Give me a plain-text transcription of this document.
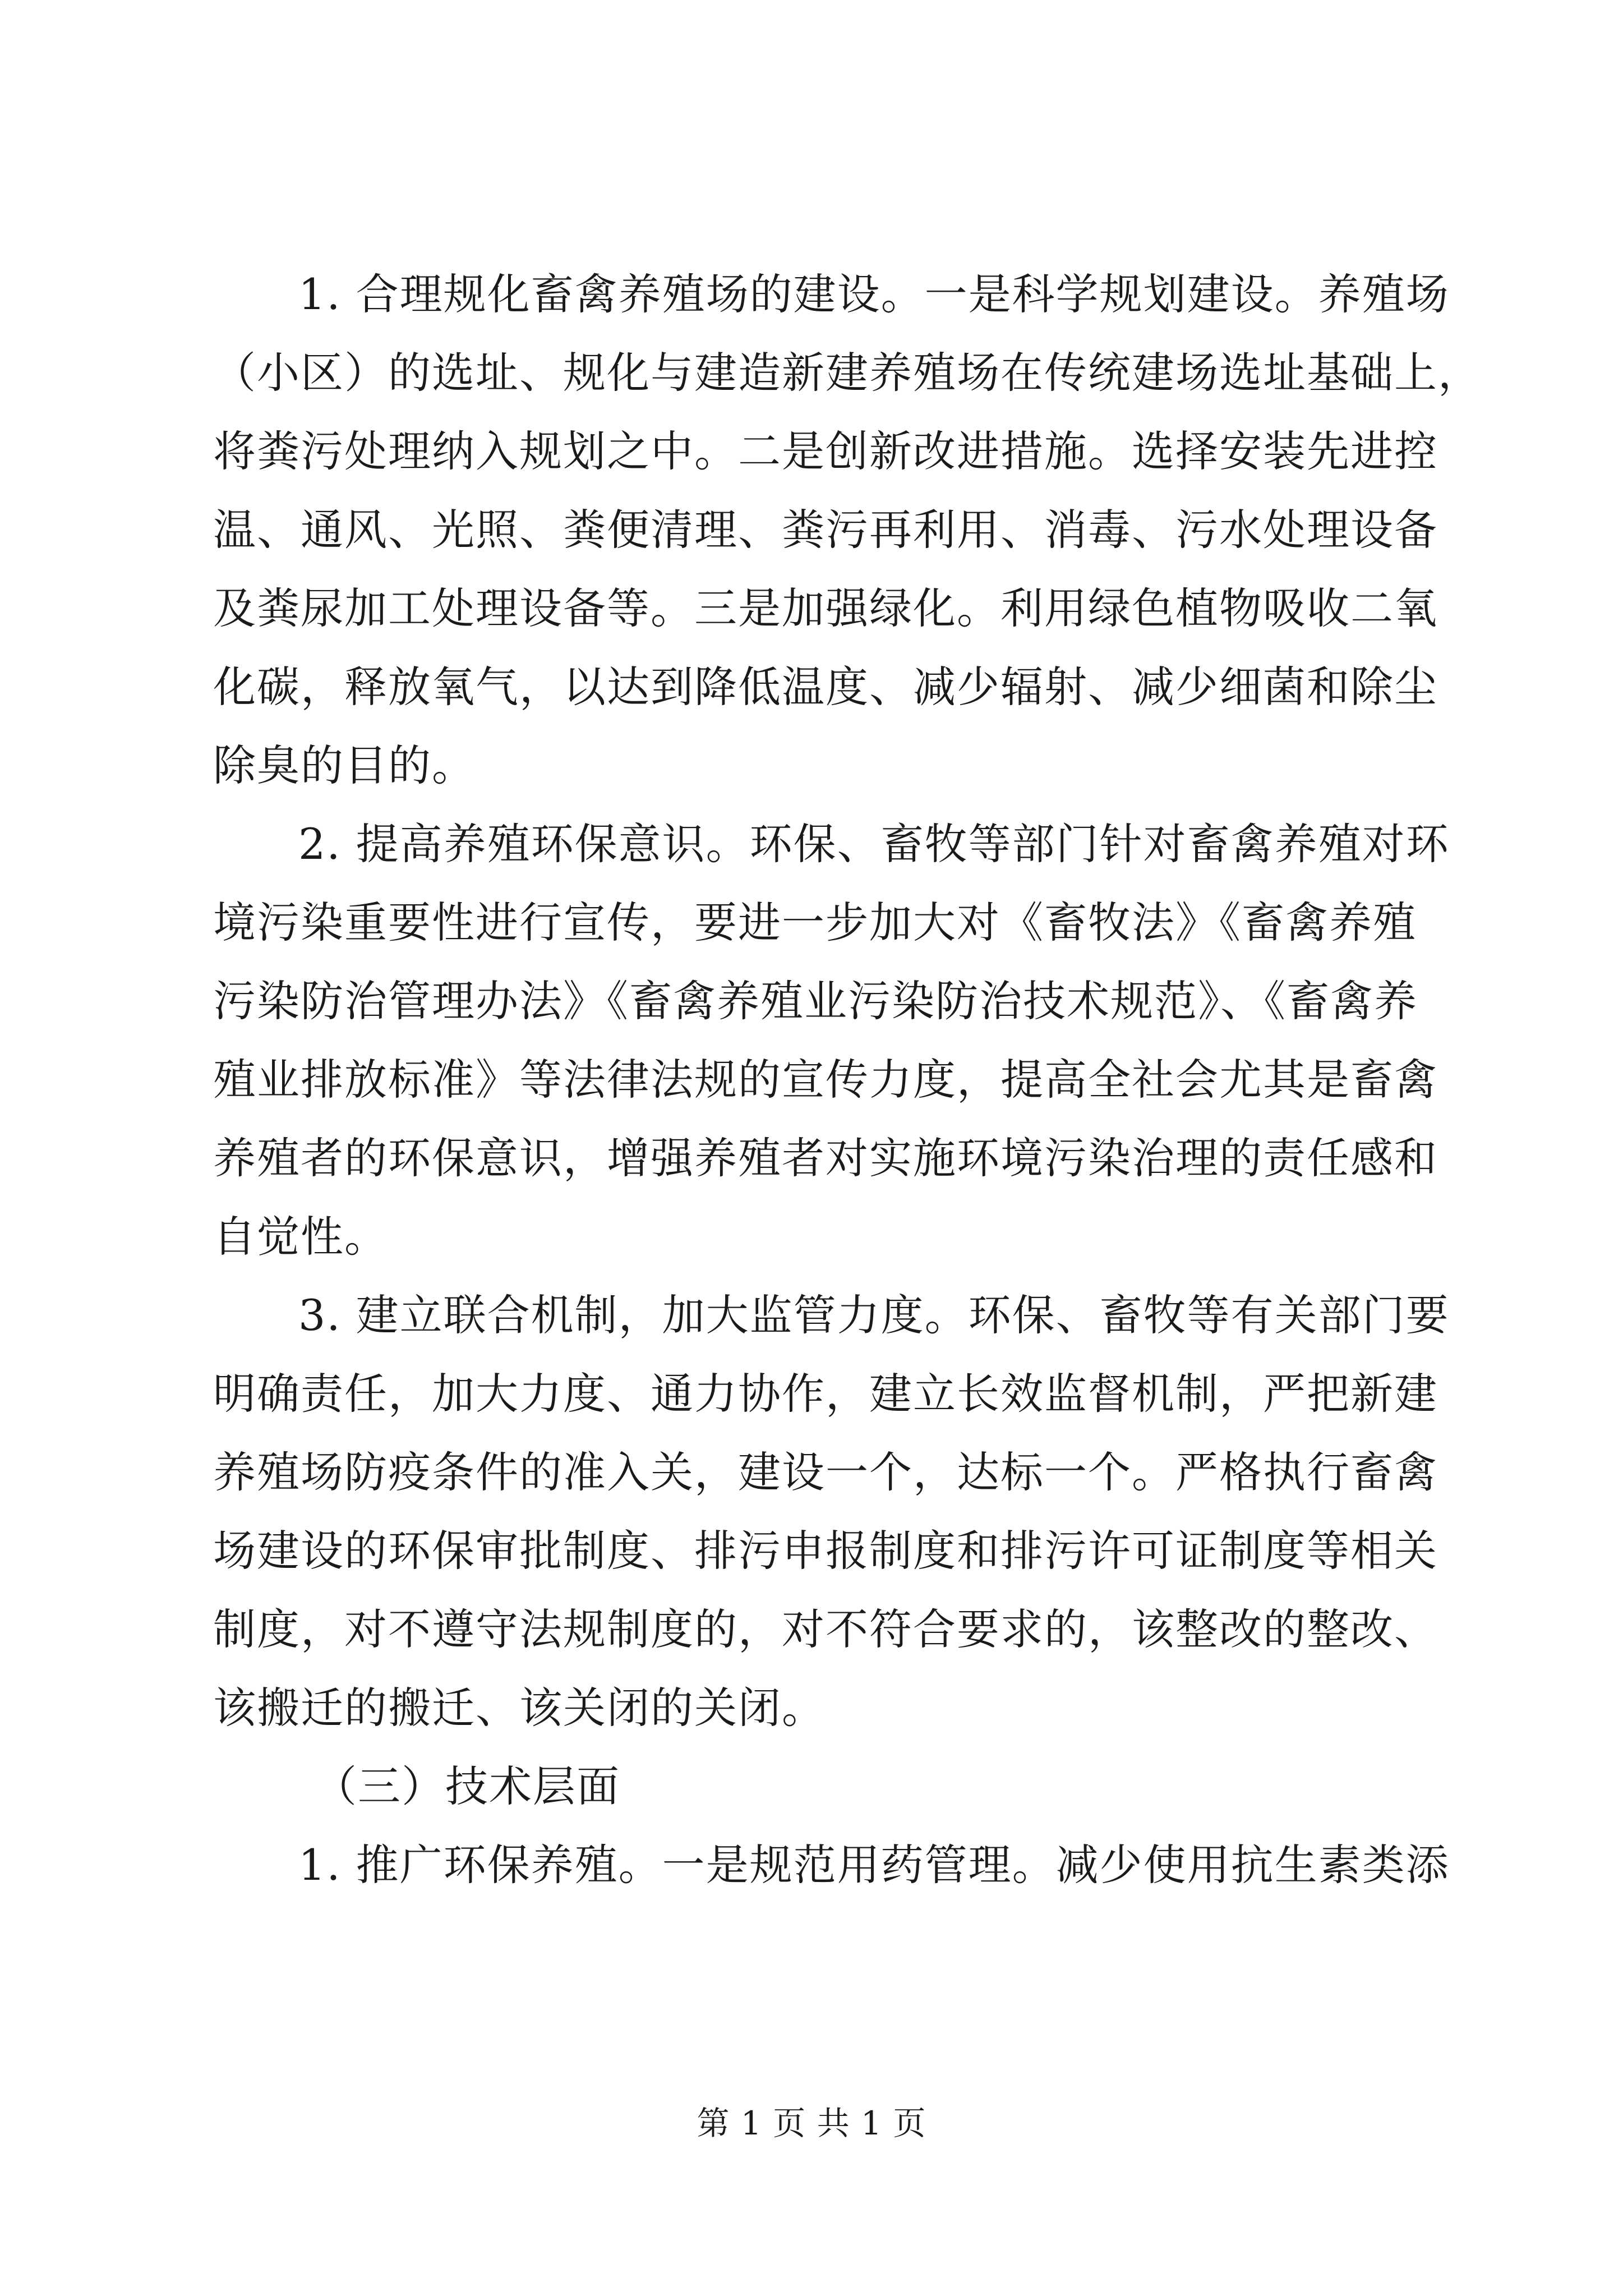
1. 合理规化畜禽养殖场的建设。一是科学规划建设。养殖场
（小区）的选址、规化与建造新建养殖场在传统建场选址基础上，
将粪污处理纳入规划之中。二是创新改进措施。选择安装先进控
温、通风、光照、粪便清理、粪污再利用、消毒、污水处理设备
及粪尿加工处理设备等。三是加强绿化。利用绿色植物吸收二氧
化碳，释放氧气，以达到降低温度、减少辐射、减少细菌和除尘
除臭的目的。
2. 提高养殖环保意识。环保、畜牧等部门针对畜禽养殖对环
境污染重要性进行宣传，要进一步加大对《畜牧法》《畜禽养殖
污染防治管理办法》《畜禽养殖业污染防治技术规范》、《畜禽养
殖业排放标准》等法律法规的宣传力度，提高全社会尤其是畜禽
养殖者的环保意识，增强养殖者对实施环境污染治理的责任感和
自觉性。
3. 建立联合机制，加大监管力度。环保、畜牧等有关部门要
明确责任，加大力度、通力协作，建立长效监督机制，严把新建
养殖场防疫条件的准入关，建设一个，达标一个。严格执行畜禽
场建设的环保审批制度、排污申报制度和排污许可证制度等相关
制度，对不遵守法规制度的，对不符合要求的，该整改的整改、
该搬迁的搬迁、该关闭的关闭。
（三）技术层面
1. 推广环保养殖。一是规范用药管理。减少使用抗生素类添
第 1 页 共 1 页
